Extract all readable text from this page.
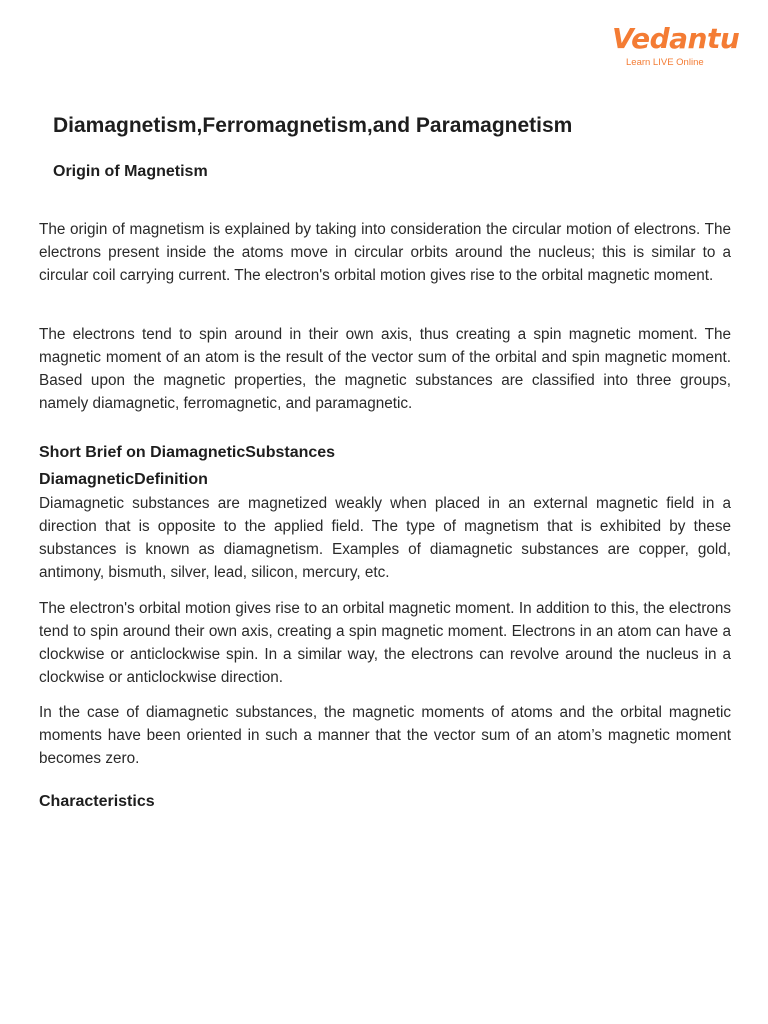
Vedantu
Learn LIVE Online
Diamagnetism,Ferromagnetism,and Paramagnetism
Origin of Magnetism

The origin of magnetism is explained by taking into consideration the circular motion of electrons. The electrons present inside the atoms move in circular orbits around the nucleus; this is similar to a circular coil carrying current. The electron's orbital motion gives rise to the orbital magnetic moment.

The electrons tend to spin around in their own axis, thus creating a spin magnetic moment. The magnetic moment of an atom is the result of the vector sum of the orbital and spin magnetic moment. Based upon the magnetic properties, the magnetic substances are classified into three groups, namely diamagnetic, ferromagnetic, and paramagnetic.

Short Brief on DiamagneticSubstances
DiamagneticDefinition

Diamagnetic substances are magnetized weakly when placed in an external magnetic field in a direction that is opposite to the applied field. The type of magnetism that is exhibited by these substances is known as diamagnetism. Examples of diamagnetic substances are copper, gold, antimony, bismuth, silver, lead, silicon, mercury, etc.

The electron's orbital motion gives rise to an orbital magnetic moment. In addition to this, the electrons tend to spin around their own axis, creating a spin magnetic moment. Electrons in an atom can have a clockwise or anticlockwise spin. In a similar way, the electrons can revolve around the nucleus in a clockwise or anticlockwise direction.

In the case of diamagnetic substances, the magnetic moments of atoms and the orbital magnetic moments have been oriented in such a manner that the vector sum of an atom’s magnetic moment becomes zero.

Characteristics
